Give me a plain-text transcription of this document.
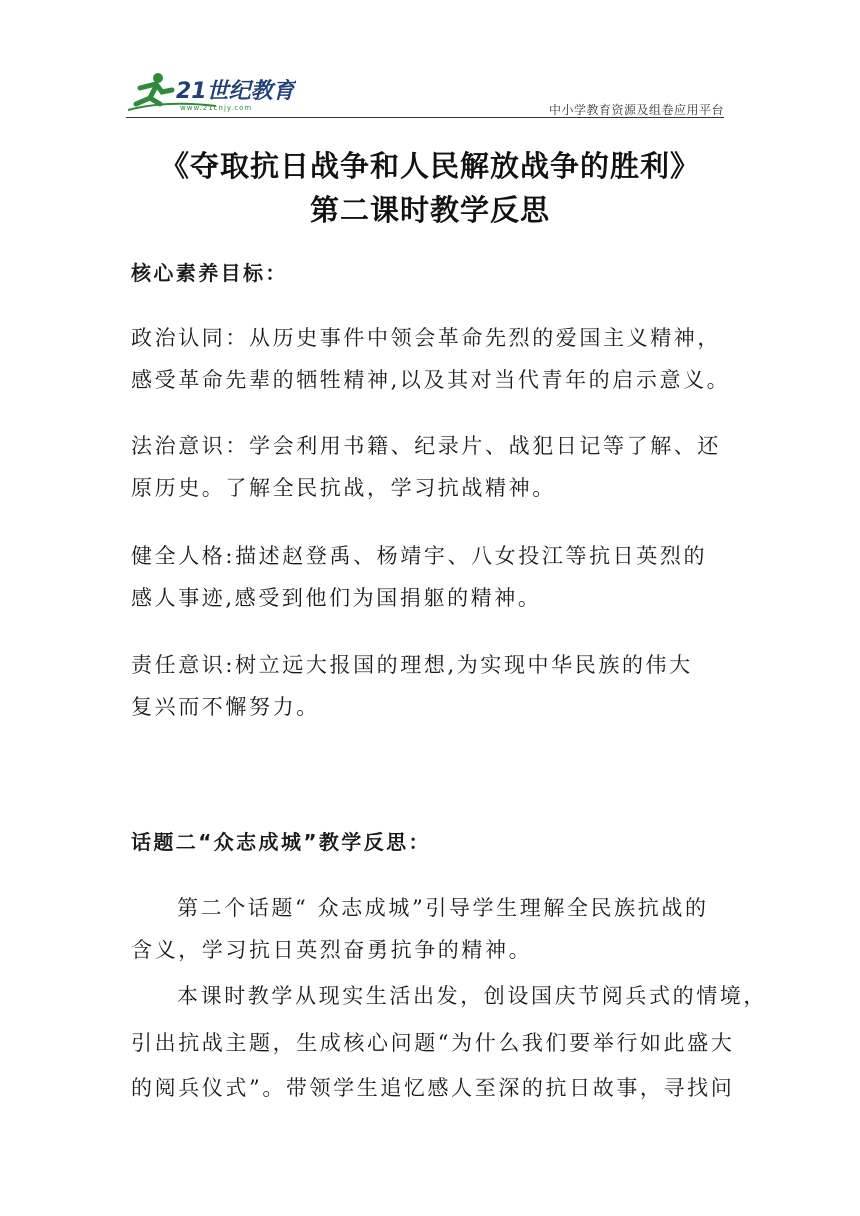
21世纪教育
www.21cnjy.com	中小学教育资源及组卷应用平台
《夺取抗日战争和人民解放战争的胜利》
第二课时教学反思
核心素养目标：
政治认同：从历史事件中领会革命先烈的爱国主义精神，
感受革命先辈的牺牲精神,以及其对当代青年的启示意义。
法治意识：学会利用书籍、纪录片、战犯日记等了解、还
原历史。了解全民抗战，学习抗战精神。
健全人格:描述赵登禹、杨靖宇、八女投江等抗日英烈的
感人事迹,感受到他们为国捐躯的精神。
责任意识:树立远大报国的理想,为实现中华民族的伟大
复兴而不懈努力。
话题二“众志成城”教学反思：
第二个话题“ 众志成城”引导学生理解全民族抗战的
含义，学习抗日英烈奋勇抗争的精神。
本课时教学从现实生活出发，创设国庆节阅兵式的情境，
引出抗战主题，生成核心问题“为什么我们要举行如此盛大
的阅兵仪式”。带领学生追忆感人至深的抗日故事，寻找问
